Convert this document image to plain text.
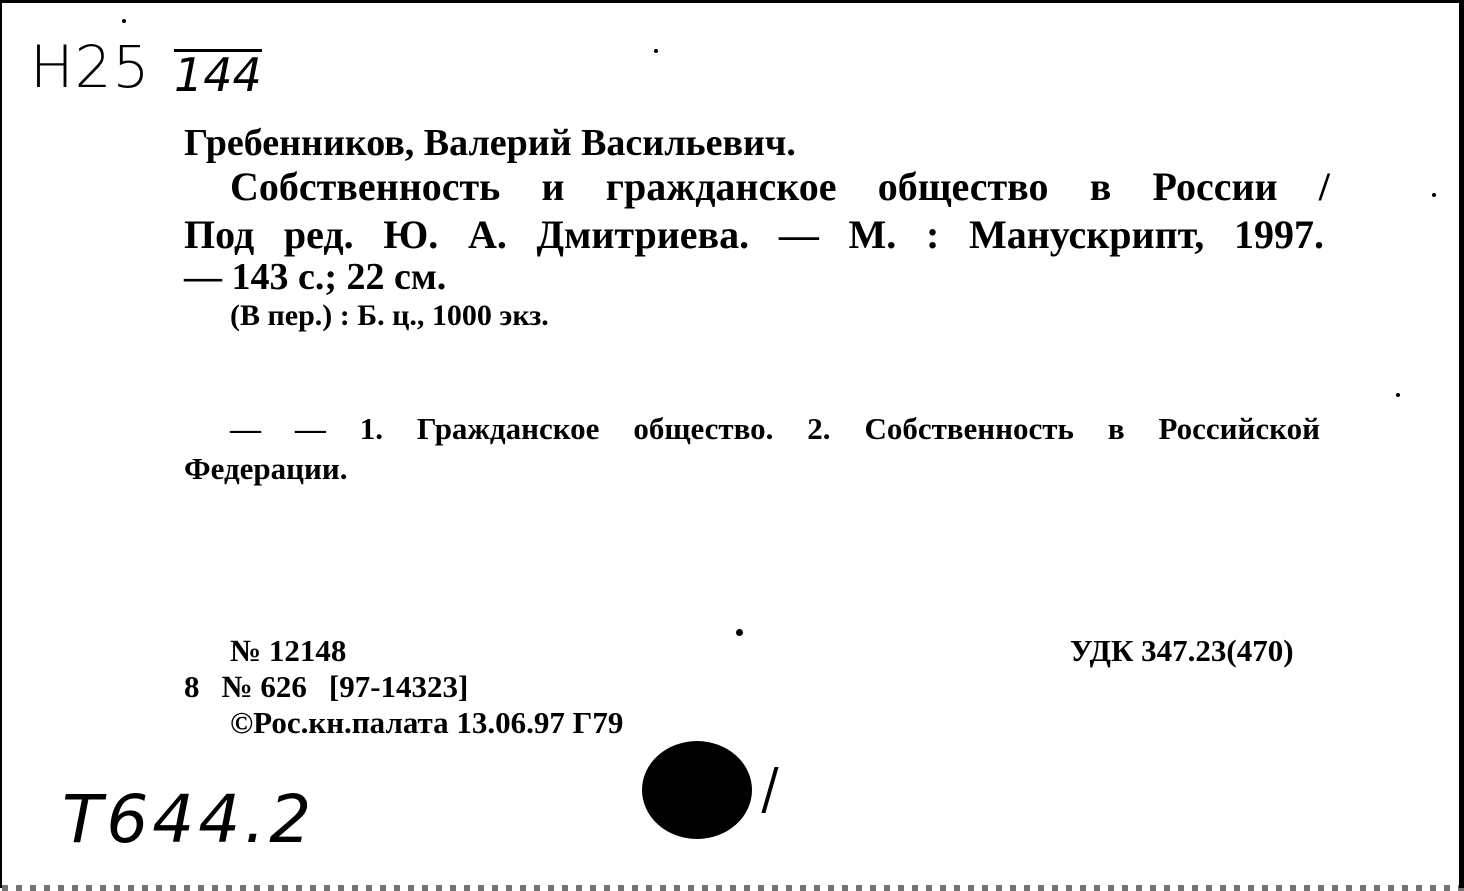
Н25 144
Гребенников, Валерий Васильевич.
Собственность и гражданское общество в России /
Под ред. Ю. А. Дмитриева. — М. : Манускрипт, 1997.
— 143 с.; 22 см.
(В пер.) : Б. ц., 1000 экз.
— — 1. Гражданское общество. 2. Собственность в Российской
Федерации.
№ 12148
8 № 626 [97-14323]
©Рос.кн.палата 13.06.97 Г79
УДК 347.23(470)
Т644.2
